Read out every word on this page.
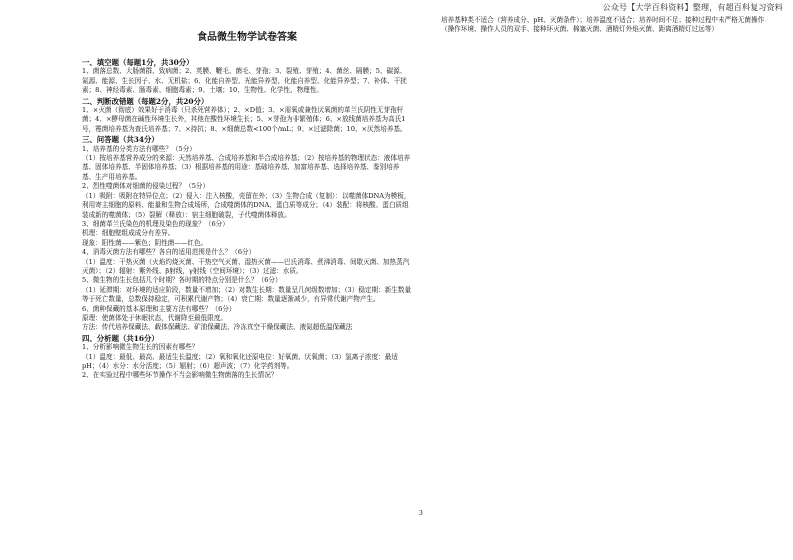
公众号【大学百科资料】整理，有超百科复习资料
食品微生物学试卷答案
一、填空题（每题1分，共30分）
1、菌落总数、大肠菌群、致病菌；2、英膜、鞭毛、菌毛、芽孢；3、裂殖、芽殖；4、菌丝、隔膜；5、碳源、氮源、能源、生长因子、水、无机盐；6、化能自养型、光能异养型、化能自养型、化能异养型；7、补体、干扰素；8、神经毒素、肠毒素、细胞毒素；9、土壤；10、生物性、化学性、物理性。
二、判断改错题（每题2分，共20分）
1、×灭菌（彻底）效果好于消毒（只杀死营养体）；2、×D值；3、×需氧或兼性厌氧菌的革兰氏阴性无芽孢杆菌；4、×酵母菌在碱性环境生长外，其他在酸性环境生长；5、×芽孢为非繁殖体；6、×放线菌培养基为高氏1号，霉菌培养基为查氏培养基；7、×持抗；8、×细菌总数<100个/mL；9、×过滤除菌；10、×厌然培养基。
三、问答题（共34分）
1、培养基的分类方法有哪些？（5分）
（1）按培养基营养成分的来源：天然培养基、合成培养基和半合成培养基；（2）按培养基的物理状态：液体培养基、固体培养基、半固体培养基；（3）根据培养基的用途：基础培养基、加富培养基、选择培养基、鉴别培养基、生产用培养基。
2、烈性噬菌体对细菌的侵染过程？（5分）
（1）吸附：吸附在特异位点；（2）侵入：注入核酸，壳留在外；（3）生物合成（复制）：以噬菌体DNA为模板，利用寄主细胞的原料、能量和生物合成场所，合成噬菌体的DNA、蛋白质等成分；（4）装配：将核酸、蛋白质组装成新的噬菌体；（5）裂解（释放）：宿主细胞破裂，子代噬菌体释放。
3、细菌革兰氏染色的机理及染色的现象？（6分）
机理：细胞壁组成成分有差异。
现象：阳性菌——紫色；阴性菌——红色。
4、消毒灭菌方法有哪些？各自的适用范围是什么？（6分）
（1）温度：干热灭菌（火焰灼烧灭菌、干热空气灭菌、湿热灭菌——巴氏消毒、煮沸消毒、间歇灭菌、加热蒸汽灭菌）；（2）辐射：紫外线、β射线，γ射线（空间环境）；（3）过滤：水质。
5、微生物的生长包括几个时期？各时期的特点分别是什么？（6分）
（1）延滞期：对环境的适应阶段，数量不增加；（2）对数生长期：数量呈几何级数增加；（3）稳定期：新生数量等于死亡数量，总数保持稳定，可积累代谢产物；（4）衰亡期：数量逐渐减少，有异常代谢产物产生。
6、菌种保藏的基本原理和主要方法有哪些？（6分）
原理：使菌体处于休眠状态，代谢降至最低限度。
方法：传代培养保藏法、载体保藏法、矿油保藏法、冷冻真空干燥保藏法、液氮超低温保藏法
四、分析题（共16分）
1、分析影响微生物生长的因素有哪些？
（1）温度：最低、最高、最适生长温度；（2）氧和氧化还原电位：好氧菌、厌氧菌；（3）氢离子浓度：最适pH；（4）水分：水分活度；（5）辐射；（6）超声波；（7）化学药剂等。
2、在实验过程中哪些环节操作不当会影响微生物菌落的生长情况？
培养基种类不适合（营养成分、pH、灭菌条件）；培养温度不适合；培养时间不足；接种过程中未严格无菌操作（操作环境、操作人员的双手、接种环灭菌、棉塞灭菌、酒精灯外焰灭菌、距离酒精灯过远等）
3
